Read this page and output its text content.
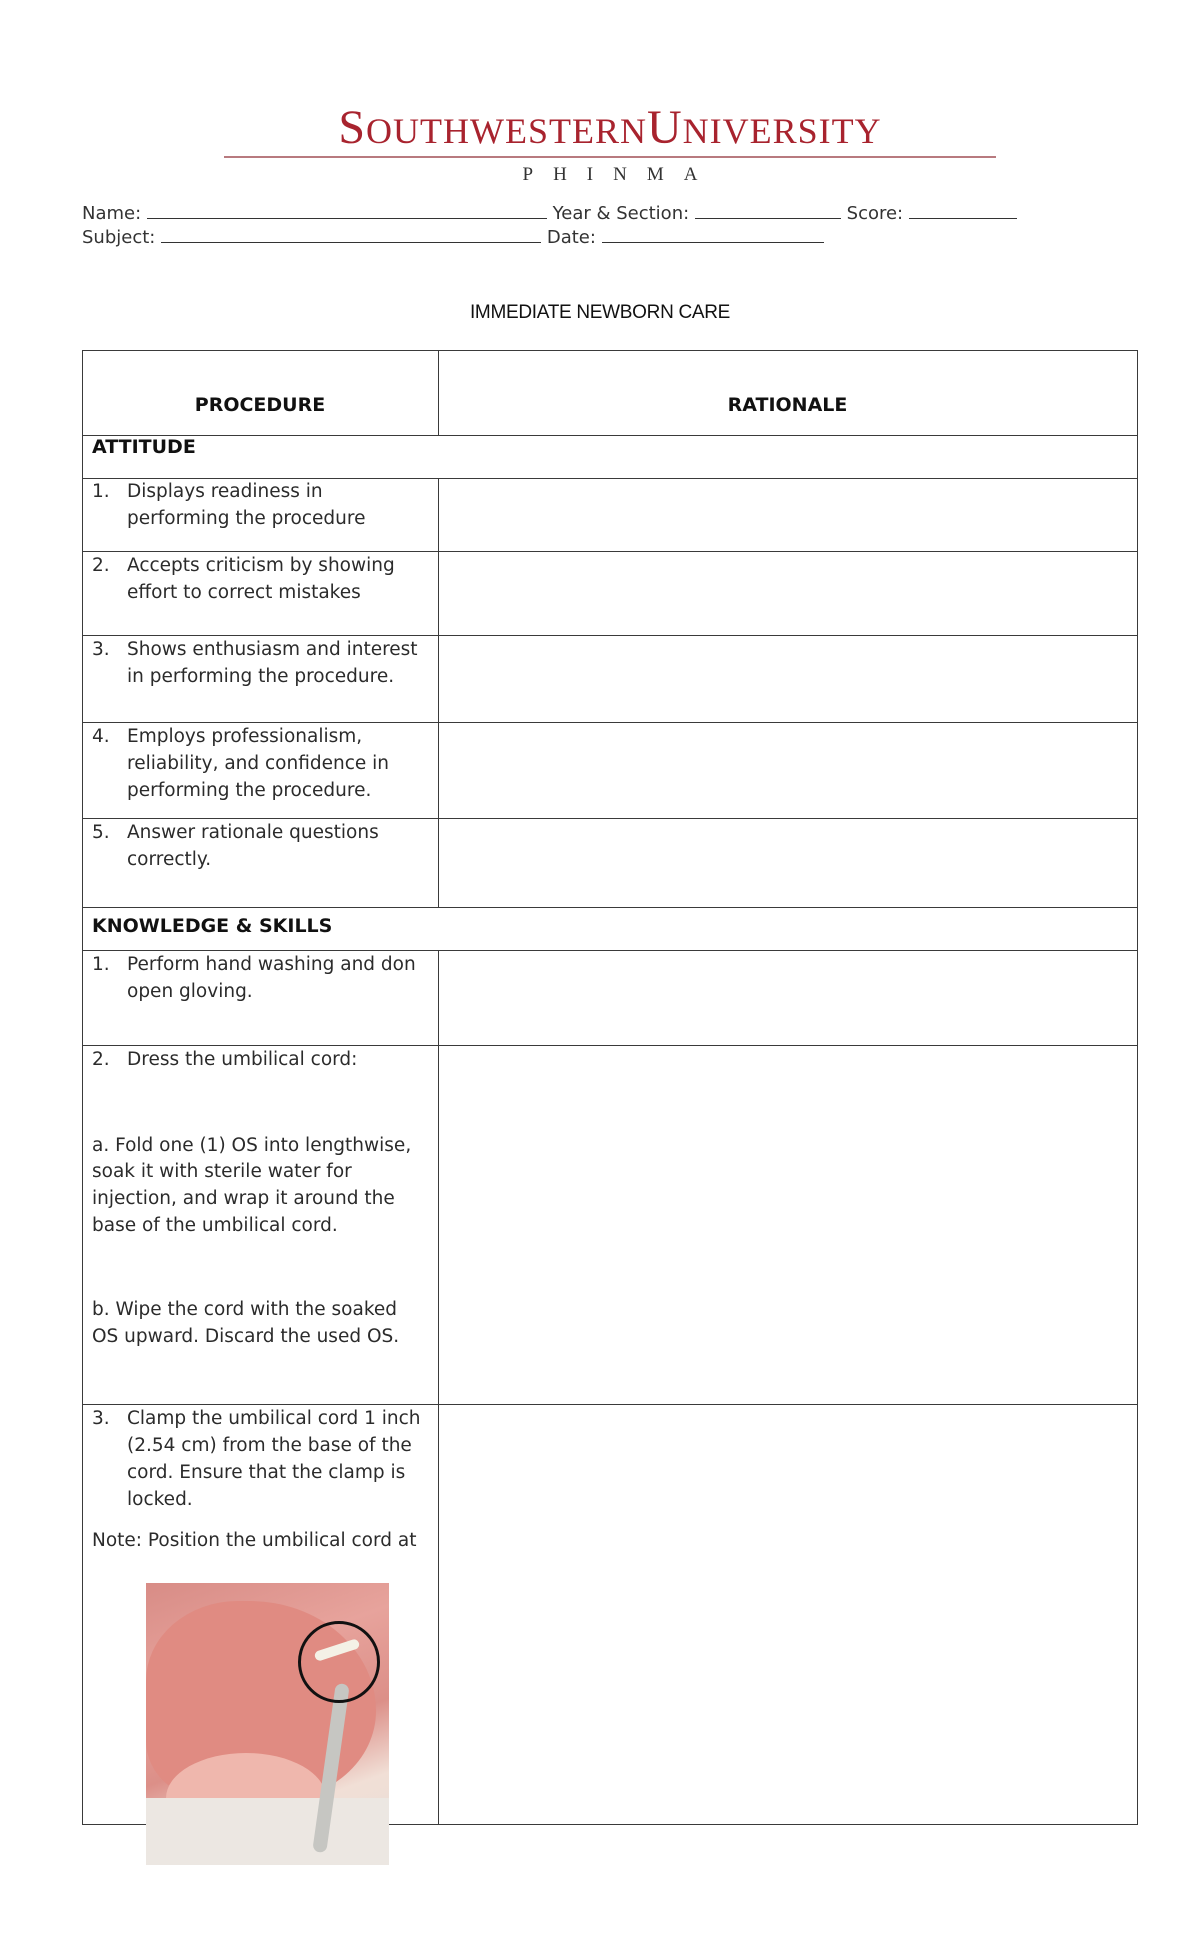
SOUTHWESTERNUNIVERSITY
PHINMA
Name:	Year & Section:	Score:
Subject:	Date:
IMMEDIATE NEWBORN CARE
PROCEDURE	RATIONALE
ATTITUDE
1. Displays readiness in
performing the procedure
2. Accepts criticism by showing
effort to correct mistakes
3. Shows enthusiasm and interest
in performing the procedure.
4. Employs professionalism,
reliability, and confidence in
performing the procedure.
5. Answer rationale questions
correctly.
KNOWLEDGE & SKILLS
1. Perform hand washing and don
open gloving.
2. Dress the umbilical cord:
a. Fold one (1) OS into lengthwise,
soak it with sterile water for
injection, and wrap it around the
base of the umbilical cord.
b. Wipe the cord with the soaked
OS upward. Discard the used OS.
3. Clamp the umbilical cord 1 inch
(2.54 cm) from the base of the
cord. Ensure that the clamp is
locked.
Note: Position the umbilical cord at
